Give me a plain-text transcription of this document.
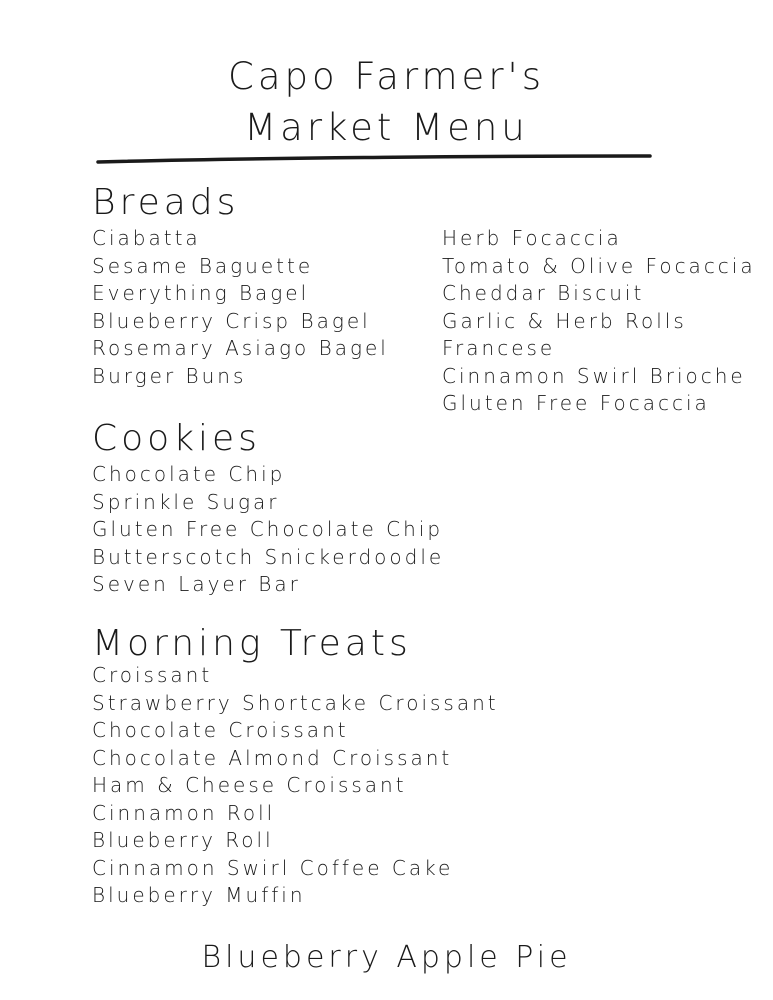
Capo Farmer's
Market Menu
Breads
Ciabatta
Sesame Baguette
Everything Bagel
Blueberry Crisp Bagel
Rosemary Asiago Bagel
Burger Buns
Herb Focaccia
Tomato & Olive Focaccia
Cheddar Biscuit
Garlic & Herb Rolls
Francese
Cinnamon Swirl Brioche
Gluten Free Focaccia
Cookies
Chocolate Chip
Sprinkle Sugar
Gluten Free Chocolate Chip
Butterscotch Snickerdoodle
Seven Layer Bar
Morning Treats
Croissant
Strawberry Shortcake Croissant
Chocolate Croissant
Chocolate Almond Croissant
Ham & Cheese Croissant
Cinnamon Roll
Blueberry Roll
Cinnamon Swirl Coffee Cake
Blueberry Muffin
Blueberry Apple Pie
